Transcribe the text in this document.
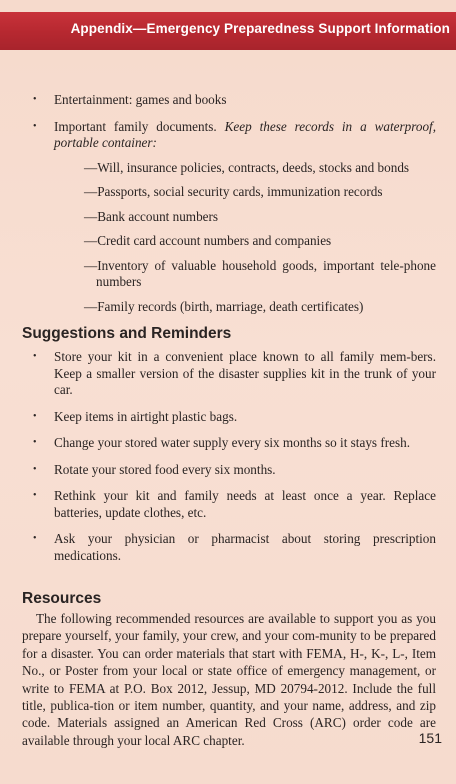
Appendix—Emergency Preparedness Support Information
• Entertainment: games and books
• Important family documents. Keep these records in a waterproof, portable container:
—Will, insurance policies, contracts, deeds, stocks and bonds
—Passports, social security cards, immunization records
—Bank account numbers
—Credit card account numbers and companies
—Inventory of valuable household goods, important tele-phone numbers
—Family records (birth, marriage, death certificates)
Suggestions and Reminders
• Store your kit in a convenient place known to all family mem-bers. Keep a smaller version of the disaster supplies kit in the trunk of your car.
• Keep items in airtight plastic bags.
• Change your stored water supply every six months so it stays fresh.
• Rotate your stored food every six months.
• Rethink your kit and family needs at least once a year. Replace batteries, update clothes, etc.
• Ask your physician or pharmacist about storing prescription medications.
Resources

The following recommended resources are available to support you as you prepare yourself, your family, your crew, and your com-munity to be prepared for a disaster. You can order materials that start with FEMA, H-, K-, L-, Item No., or Poster from your local or state office of emergency management, or write to FEMA at P.O. Box 2012, Jessup, MD 20794-2012. Include the full title, publica-tion or item number, quantity, and your name, address, and zip code. Materials assigned an American Red Cross (ARC) order code are available through your local ARC chapter.	151
